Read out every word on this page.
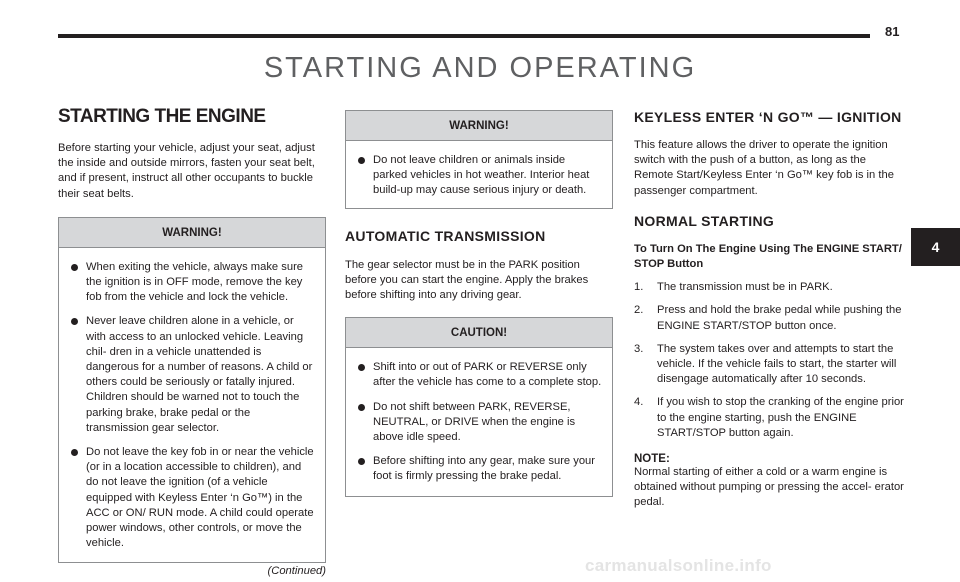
81
STARTING AND OPERATING
STARTING THE ENGINE

Before starting your vehicle, adjust your seat, adjust the inside and outside mirrors, fasten your seat belt, and if present, instruct all other occupants to buckle their seat belts.

WARNING!
When exiting the vehicle, always make sure the ignition is in OFF mode, remove the key fob from the vehicle and lock the vehicle.
Never leave children alone in a vehicle, or with access to an unlocked vehicle. Leaving chil- dren in a vehicle unattended is dangerous for a number of reasons. A child or others could be seriously or fatally injured. Children should be warned not to touch the parking brake, brake pedal or the transmission gear selector.
Do not leave the key fob in or near the vehicle (or in a location accessible to children), and do not leave the ignition (of a vehicle equipped with Keyless Enter ‘n Go™) in the ACC or ON/ RUN mode. A child could operate power windows, other controls, or move the vehicle.
(Continued)
WARNING!
Do not leave children or animals inside parked vehicles in hot weather. Interior heat build-up may cause serious injury or death.
AUTOMATIC TRANSMISSION

The gear selector must be in the PARK position before you can start the engine. Apply the brakes before shifting into any driving gear.

CAUTION!
Shift into or out of PARK or REVERSE only after the vehicle has come to a complete stop.
Do not shift between PARK, REVERSE, NEUTRAL, or DRIVE when the engine is above idle speed.
Before shifting into any gear, make sure your foot is firmly pressing the brake pedal.
KEYLESS ENTER ‘N GO™ — IGNITION

This feature allows the driver to operate the ignition switch with the push of a button, as long as the Remote Start/Keyless Enter ‘n Go™ key fob is in the passenger compartment.

NORMAL STARTING

To Turn On The Engine Using The ENGINE START/ STOP Button

1. The transmission must be in PARK.
2. Press and hold the brake pedal while pushing the ENGINE START/STOP button once.
3. The system takes over and attempts to start the vehicle. If the vehicle fails to start, the starter will disengage automatically after 10 seconds.
4. If you wish to stop the cranking of the engine prior to the engine starting, push the ENGINE START/STOP button again.
NOTE:

Normal starting of either a cold or a warm engine is obtained without pumping or pressing the accel- erator pedal.

4
carmanualsonline.info
